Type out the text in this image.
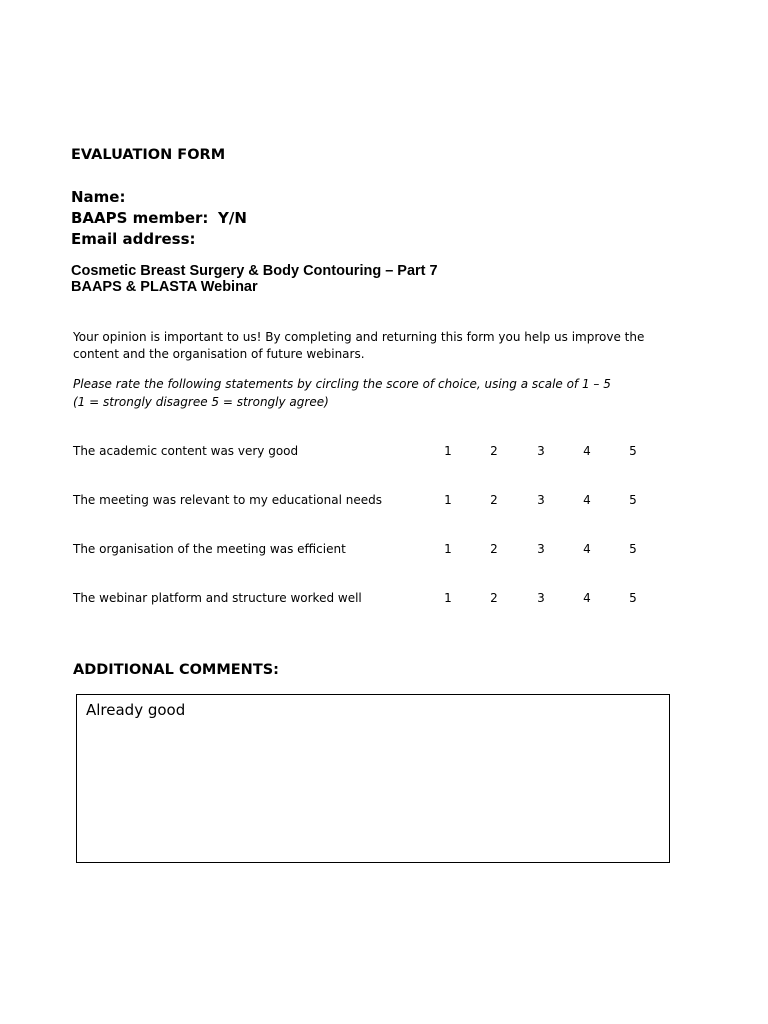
EVALUATION FORM
Name:
BAAPS member: Y/N
Email address:
Cosmetic Breast Surgery & Body Contouring – Part 7
BAAPS & PLASTA Webinar
Your opinion is important to us! By completing and returning this form you help us improve the content and the organisation of future webinars.
Please rate the following statements by circling the score of choice, using a scale of 1 – 5
(1 = strongly disagree 5 = strongly agree)
The academic content was very good	1	2	3	4	5
The meeting was relevant to my educational needs	1	2	3	4	5
The organisation of the meeting was efficient	1	2	3	4	5
The webinar platform and structure worked well	1	2	3	4	5
ADDITIONAL COMMENTS:
Already good
